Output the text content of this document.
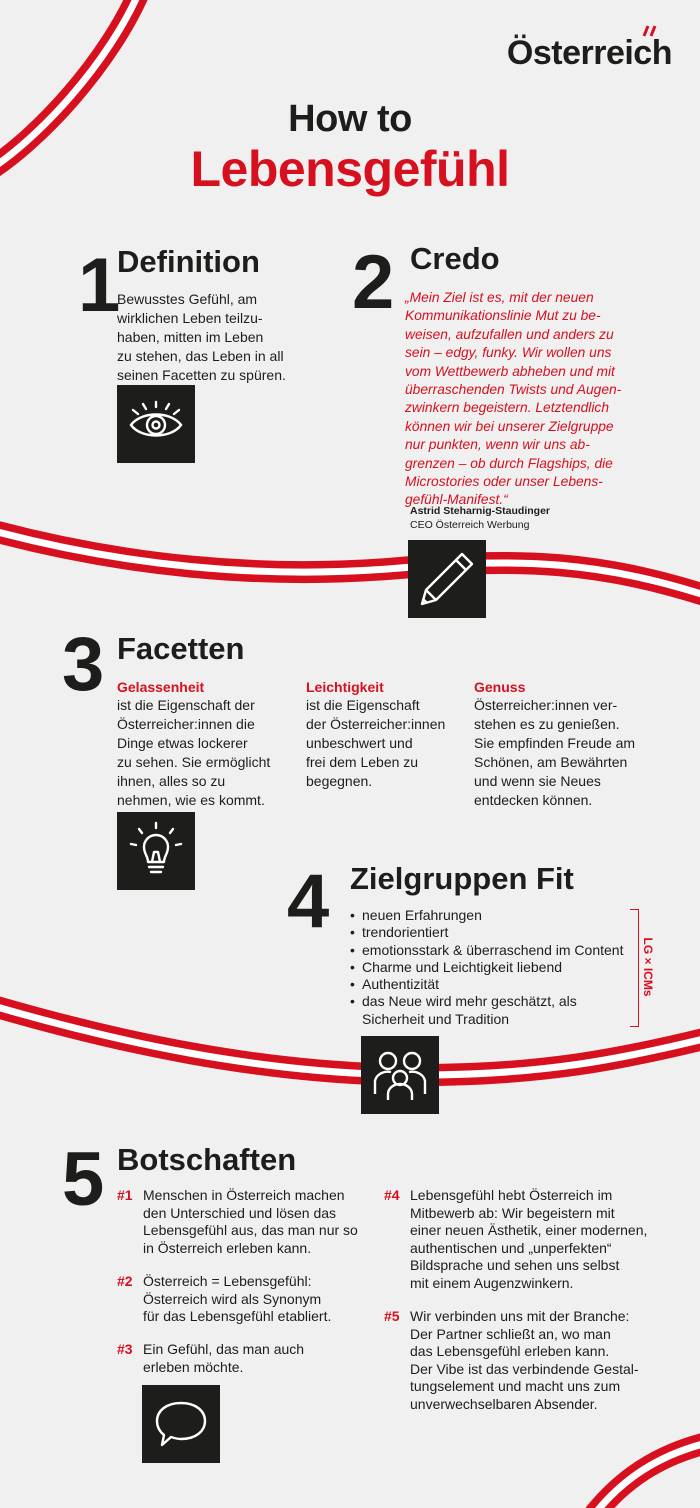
Österreich
How to
Lebensgefühl
1
Definition
Bewusstes Gefühl, am
wirklichen Leben teilzu-
haben, mitten im Leben
zu stehen, das Leben in all
seinen Facetten zu spüren.
2 Credo
„Mein Ziel ist es, mit der neuen
Kommunikationslinie Mut zu be-
weisen, aufzufallen und anders zu
sein – edgy, funky. Wir wollen uns
vom Wettbewerb abheben und mit
überraschenden Twists und Augen-
zwinkern begeistern. Letztendlich
können wir bei unserer Zielgruppe
nur punkten, wenn wir uns ab-
grenzen – ob durch Flagships, die
Microstories oder unser Lebens-
gefühl-Manifest.“
Astrid Steharnig-Staudinger
CEO Österreich Werbung
3 Facetten
Gelassenheit
ist die Eigenschaft der
Österreicher:innen die
Dinge etwas lockerer
zu sehen. Sie ermöglicht
ihnen, alles so zu
nehmen, wie es kommt.
Leichtigkeit
ist die Eigenschaft
der Österreicher:innen
unbeschwert und
frei dem Leben zu
begegnen.
Genuss
Österreicher:innen ver-
stehen es zu genießen.
Sie empfinden Freude am
Schönen, am Bewährten
und wenn sie Neues
entdecken können.
4 Zielgruppen Fit
• neuen Erfahrungen
• trendorientiert
• emotionsstark & überraschend im Content
• Charme und Leichtigkeit liebend
• Authentizität
• das Neue wird mehr geschätzt, als
Sicherheit und Tradition
LG × ICMs
5 Botschaften
#1 Menschen in Österreich machen
den Unterschied und lösen das
Lebensgefühl aus, das man nur so
in Österreich erleben kann.
#2 Österreich = Lebensgefühl:
Österreich wird als Synonym
für das Lebensgefühl etabliert.
#3 Ein Gefühl, das man auch
erleben möchte.
#4 Lebensgefühl hebt Österreich im
Mitbewerb ab: Wir begeistern mit
einer neuen Ästhetik, einer modernen,
authentischen und „unperfekten“
Bildsprache und sehen uns selbst
mit einem Augenzwinkern.
#5 Wir verbinden uns mit der Branche:
Der Partner schließt an, wo man
das Lebensgefühl erleben kann.
Der Vibe ist das verbindende Gestal-
tungselement und macht uns zum
unverwechselbaren Absender.
